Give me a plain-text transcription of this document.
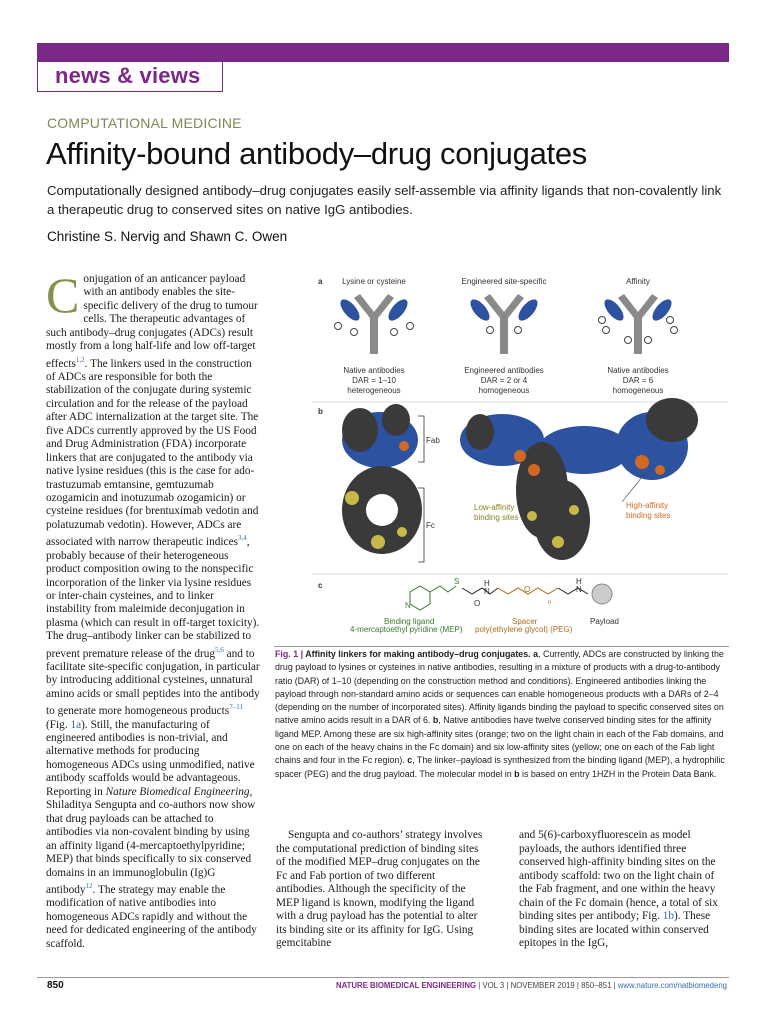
news & views
COMPUTATIONAL MEDICINE
Affinity-bound antibody–drug conjugates
Computationally designed antibody–drug conjugates easily self-assemble via affinity ligands that non-covalently link a therapeutic drug to conserved sites on native IgG antibodies.
Christine S. Nervig and Shawn C. Owen

Conjugation of an anticancer payload with an antibody enables the site-specific delivery of the drug to tumour cells. The therapeutic advantages of such antibody–drug conjugates (ADCs) result mostly from a long half-life and low off-target effects$^{1,2}$. The linkers used in the construction of ADCs are responsible for both the stabilization of the conjugate during systemic circulation and for the release of the payload after ADC internalization at the target site. The five ADCs currently approved by the US Food and Drug Administration (FDA) incorporate linkers that are conjugated to the antibody via native lysine residues (this is the case for ado-trastuzumab emtansine, gemtuzumab ozogamicin and inotuzumab ozogamicin) or cysteine residues (for brentuximab vedotin and polatuzumab vedotin). However, ADCs are associated with narrow therapeutic indices$^{3,4}$, probably because of their heterogeneous product composition owing to the nonspecific incorporation of the linker via lysine residues or inter-chain cysteines, and to linker instability from maleimide deconjugation in plasma (which can result in off-target toxicity).

The drug–antibody linker can be stabilized to prevent premature release of the drug$^{5,6}$ and to facilitate site-specific conjugation, in particular by introducing additional cysteines, unnatural amino acids or small peptides into the antibody to generate more homogeneous products$^{7-11}$ (Fig. 1a). Still, the manufacturing of engineered antibodies is non-trivial, and alternative methods for producing homogeneous ADCs using unmodified, native antibody scaffolds would be advantageous. Reporting in Nature Biomedical Engineering, Shiladitya Sengupta and co-authors now show that drug payloads can be attached to antibodies via non-covalent binding by using an affinity ligand (4-mercaptoethylpyridine; MEP) that binds specifically to six conserved domains in an immunoglobulin (Ig)G antibody$^{12}$. The strategy may enable the modification of native antibodies into homogeneous ADCs rapidly and without the need for dedicated engineering of the antibody scaffold.

a
b
c
Lysine or cysteine
Native antibodies
DAR = 1–10
heterogeneous
Engineered site-specific
Engineered antibodies
DAR = 2 or 4
homogeneous
Affinity
Native antibodies
DAR = 6
homogeneous
Fab
Fc
Low-affinity
binding sites
High-affinity
binding sites
N
S	H
N
O
O
n
H
N
Binding ligand
4-mercaptoethyl pyridine (MEP)
Spacer
poly(ethylene glycol) (PEG)
Payload
Fig. 1 | Affinity linkers for making antibody–drug conjugates. a, Currently, ADCs are constructed by linking the drug payload to lysines or cysteines in native antibodies, resulting in a mixture of products with a drug-to-antibody ratio (DAR) of 1–10 (depending on the construction method and conditions). Engineered antibodies linking the payload through non-standard amino acids or sequences can enable homogeneous products with a DARs of 2–4 (depending on the number of incorporated sites). Affinity ligands binding the payload to specific conserved sites on native amino acids result in a DAR of 6. b, Native antibodies have twelve conserved binding sites for the affinity ligand MEP. Among these are six high-affinity sites (orange; two on the light chain in each of the Fab domains, and one on each of the heavy chains in the Fc domain) and six low-affinity sites (yellow; one on each of the Fab light chains and four in the Fc region). c, The linker–payload is synthesized from the binding ligand (MEP), a hydrophilic spacer (PEG) and the drug payload. The molecular model in b is based on entry 1HZH in the Protein Data Bank.

Sengupta and co-authors’ strategy involves the computational prediction of binding sites of the modified MEP–drug conjugates on the Fc and Fab portion of two different antibodies. Although the specificity of the MEP ligand is known, modifying the ligand with a drug payload has the potential to alter its binding site or its affinity for IgG. Using gemcitabine

and 5(6)-carboxyfluorescein as model payloads, the authors identified three conserved high-affinity binding sites on the antibody scaffold: two on the light chain of the Fab fragment, and one within the heavy chain of the Fc domain (hence, a total of six binding sites per antibody; Fig. 1b). These binding sites are located within conserved epitopes in the IgG,

850	NATURE BIOMEDICAL ENGINEERING | VOL 3 | NOVEMBER 2019 | 850–851 | www.nature.com/natbiomedeng
